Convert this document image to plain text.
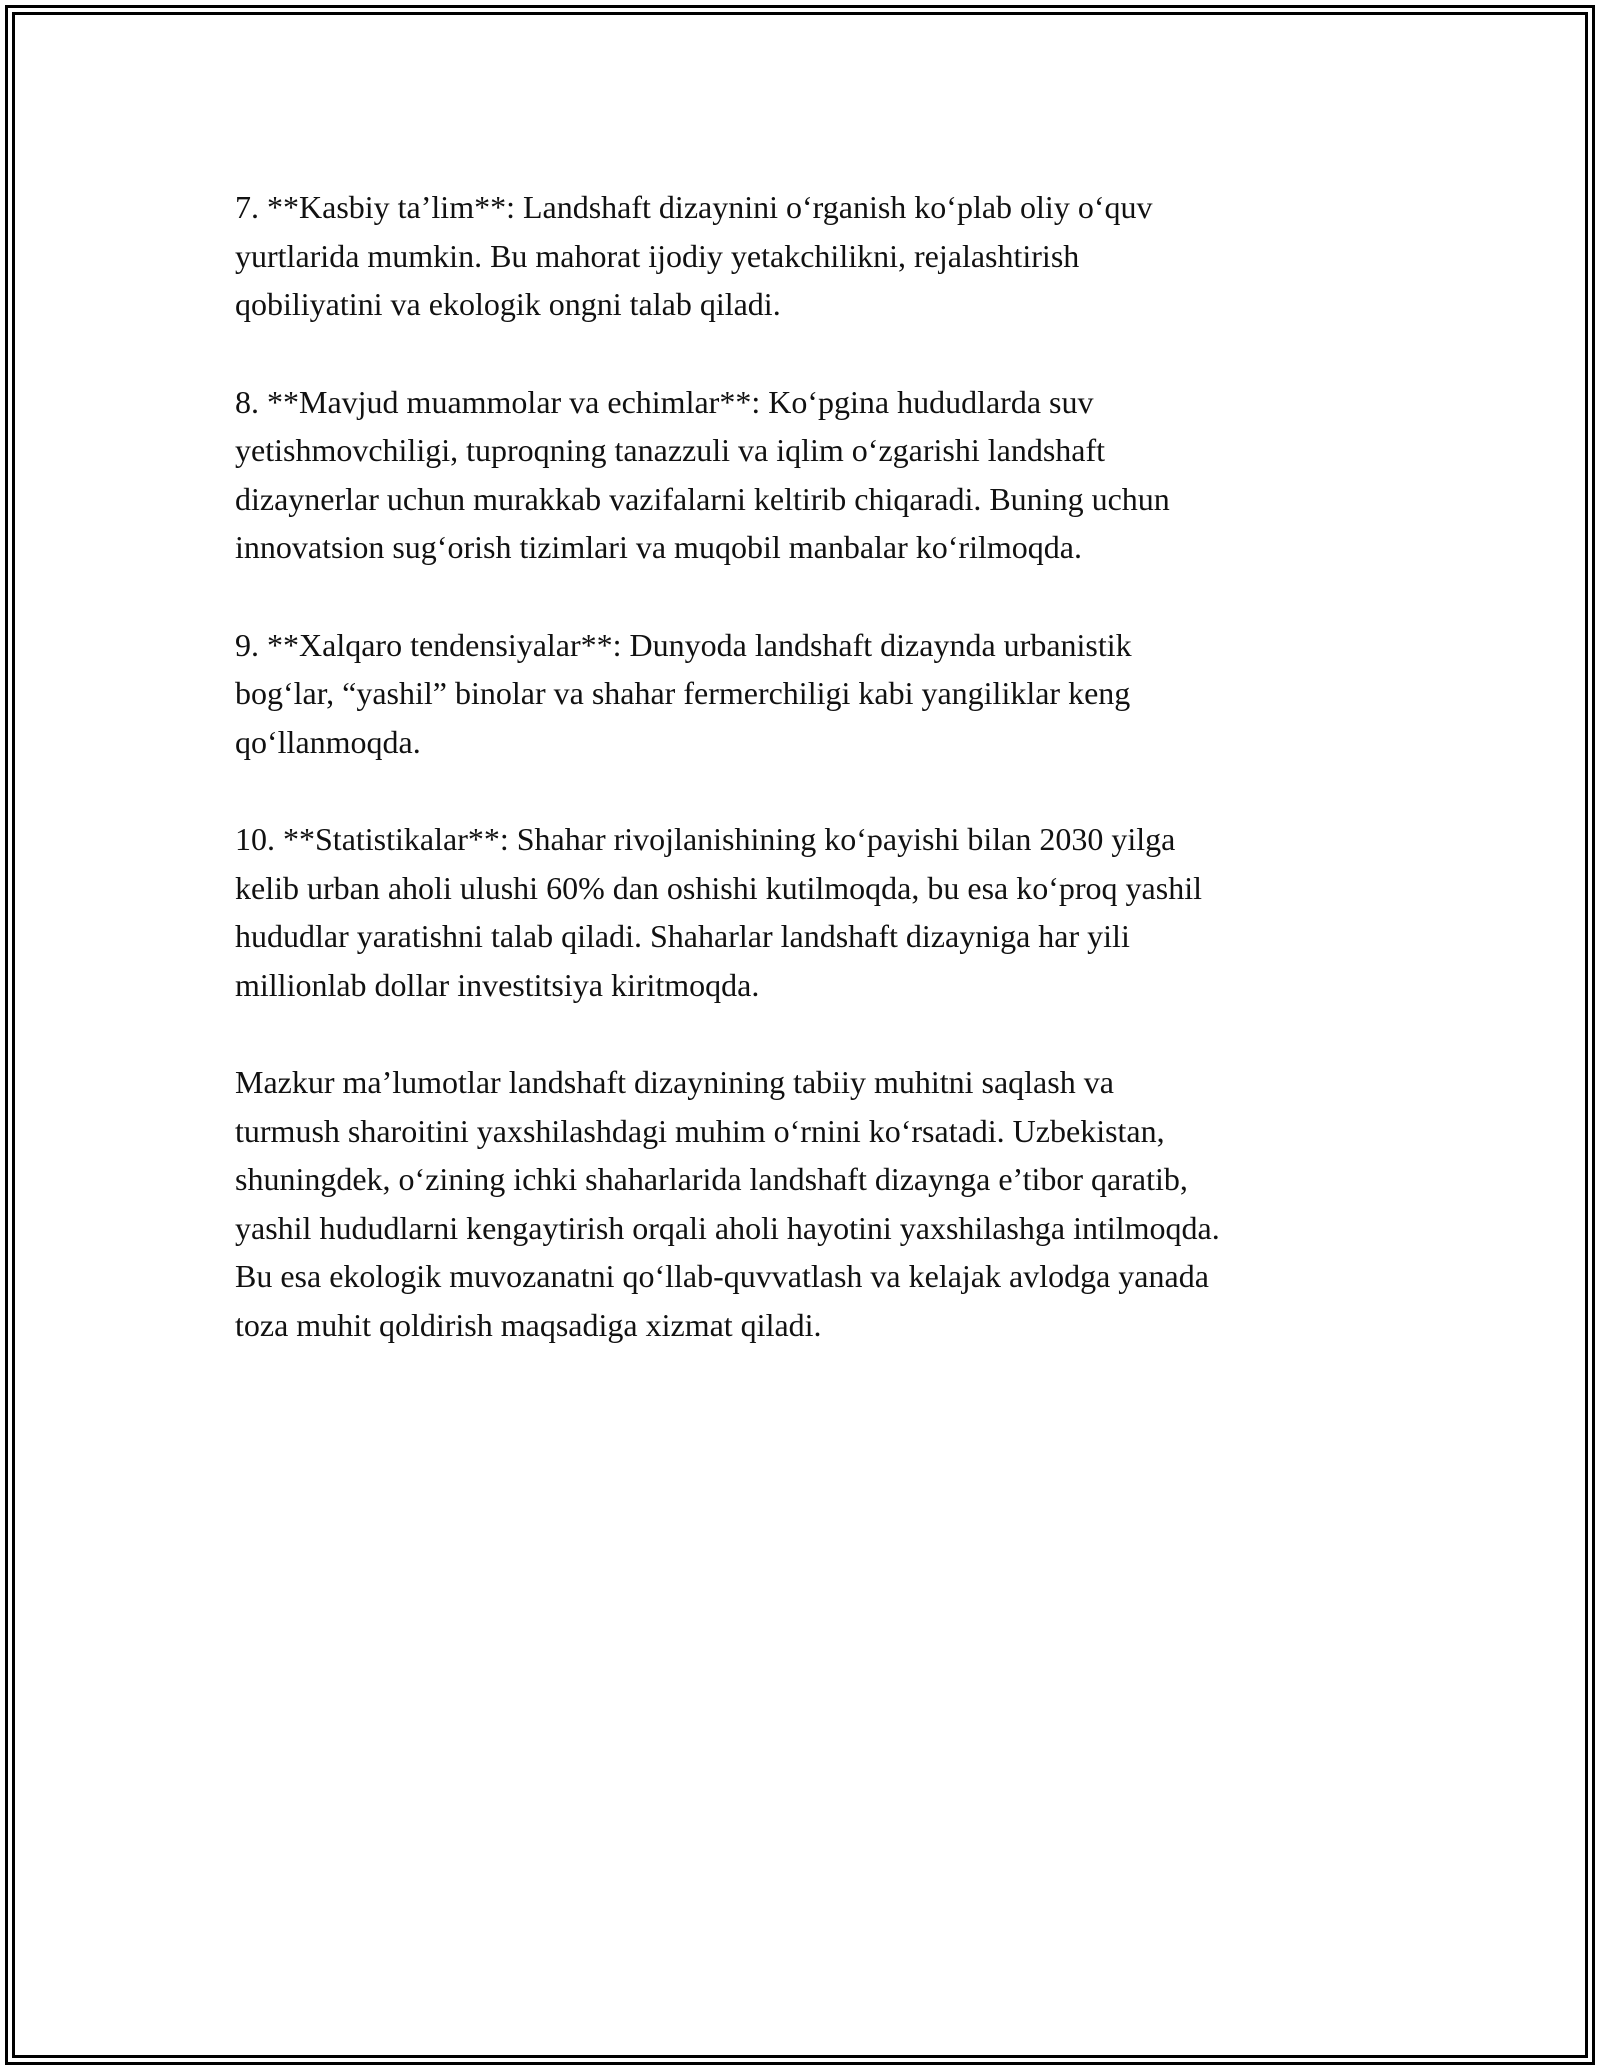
7. **Kasbiy ta’lim**: Landshaft dizaynini o‘rganish ko‘plab oliy o‘quv
yurtlarida mumkin. Bu mahorat ijodiy yetakchilikni, rejalashtirish
qobiliyatini va ekologik ongni talab qiladi.

8. **Mavjud muammolar va echimlar**: Ko‘pgina hududlarda suv
yetishmovchiligi, tuproqning tanazzuli va iqlim o‘zgarishi landshaft
dizaynerlar uchun murakkab vazifalarni keltirib chiqaradi. Buning uchun
innovatsion sug‘orish tizimlari va muqobil manbalar ko‘rilmoqda.

9. **Xalqaro tendensiyalar**: Dunyoda landshaft dizaynda urbanistik
bog‘lar, “yashil” binolar va shahar fermerchiligi kabi yangiliklar keng
qo‘llanmoqda.

10. **Statistikalar**: Shahar rivojlanishining ko‘payishi bilan 2030 yilga
kelib urban aholi ulushi 60% dan oshishi kutilmoqda, bu esa ko‘proq yashil
hududlar yaratishni talab qiladi. Shaharlar landshaft dizayniga har yili
millionlab dollar investitsiya kiritmoqda.

Mazkur ma’lumotlar landshaft dizaynining tabiiy muhitni saqlash va
turmush sharoitini yaxshilashdagi muhim o‘rnini ko‘rsatadi. Uzbekistan,
shuningdek, o‘zining ichki shaharlarida landshaft dizaynga e’tibor qaratib,
yashil hududlarni kengaytirish orqali aholi hayotini yaxshilashga intilmoqda.
Bu esa ekologik muvozanatni qo‘llab-quvvatlash va kelajak avlodga yanada
toza muhit qoldirish maqsadiga xizmat qiladi.
